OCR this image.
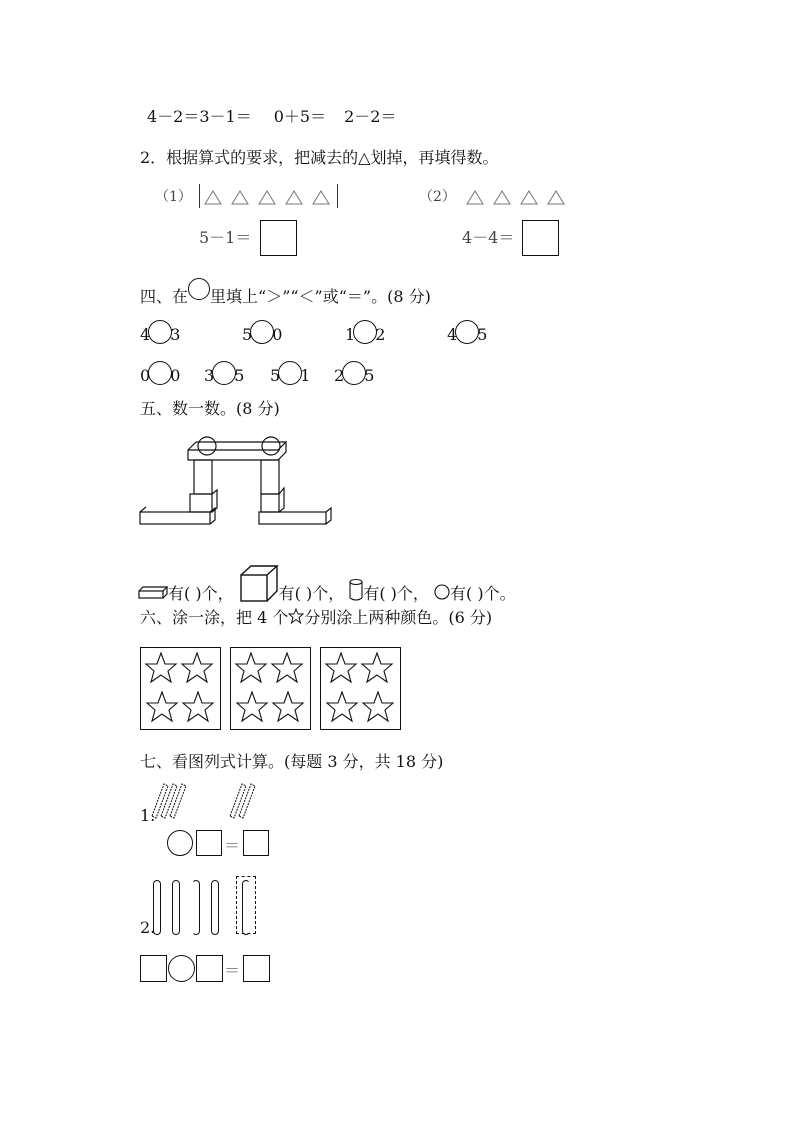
4－2＝3－1＝ 0＋5＝ 2－2＝
2．根据算式的要求，把减去的△划掉，再填得数。
（1）
5－1＝
（2）
4－4＝
四、在 里填上“＞”“＜”或“＝”。(8 分)
4 3	5 0	1 2	4 5
0 0 3 5 5 1 2 5
五、数一数。(8 分)
有( )个，	有( )个， 有( )个， 有( )个。
六、涂一涂，把 4 个 分别涂上两种颜色。(6 分)
七、看图列式计算。(每题 3 分，共 18 分)
1.
＝
2.
＝
